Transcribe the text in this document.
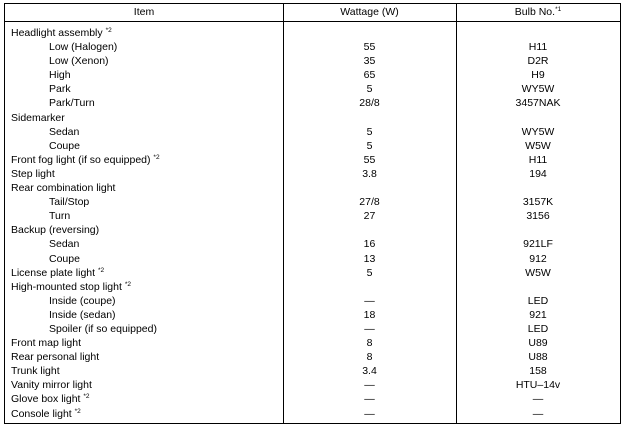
Item	Wattage (W)	Bulb No.$^{*1}$
Headlight assembly $^{*2}$
Low (Halogen)	55	H11
Low (Xenon)	35	D2R
High	65	H9
Park	5	WY5W
Park/Turn	28/8	3457NAK
Sidemarker
Sedan	5	WY5W
Coupe	5	W5W
Front fog light (if so equipped) $^{*2}$	55	H11
Step light	3.8	194
Rear combination light
Tail/Stop	27/8	3157K
Turn	27	3156
Backup (reversing)
Sedan	16	921LF
Coupe	13	912
License plate light $^{*2}$	5	W5W
High-mounted stop light $^{*2}$
Inside (coupe)	—	LED
Inside (sedan)	18	921
Spoiler (if so equipped)	—	LED
Front map light	8	U89
Rear personal light	8	U88
Trunk light	3.4	158
Vanity mirror light	—	HTU–14v
Glove box light $^{*2}$	—	—
Console light $^{*2}$	—	—
